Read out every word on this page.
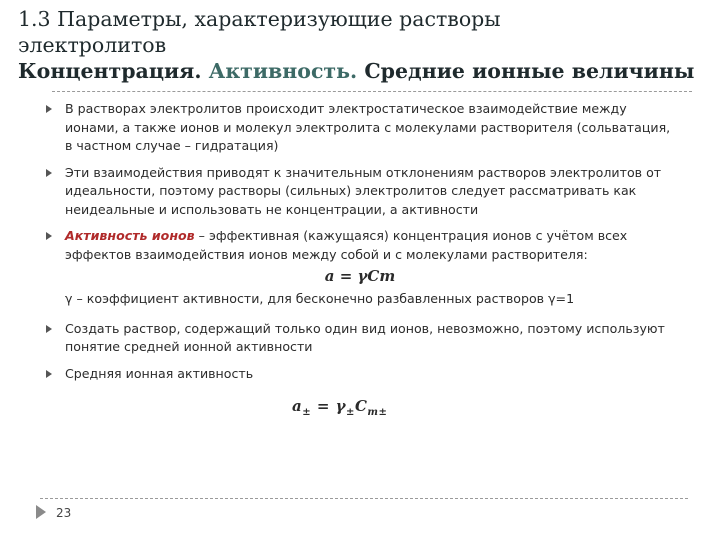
1.3 Параметры, характеризующие растворы
электролитов
Концентрация. Активность. Средние ионные величины
В растворах электролитов происходит электростатическое взаимодействие между ионами, а также ионов и молекул электролита с молекулами растворителя (сольватация, в частном случае – гидратация)
Эти взаимодействия приводят к значительным отклонениям растворов электролитов от идеальности, поэтому растворы (сильных) электролитов следует рассматривать как неидеальные и использовать не концентрации, а активности
Активность ионов – эффективная (кажущаяся) концентрация ионов с учётом всех эффектов взаимодействия ионов между собой и с молекулами растворителя:
a = γCm
γ – коэффициент активности, для бесконечно разбавленных растворов γ=1
Создать раствор, содержащий только один вид ионов, невозможно, поэтому используют понятие средней ионной активности
Средняя ионная активность
$a_\pm = \gamma_\pm C_{m\pm}$
23
